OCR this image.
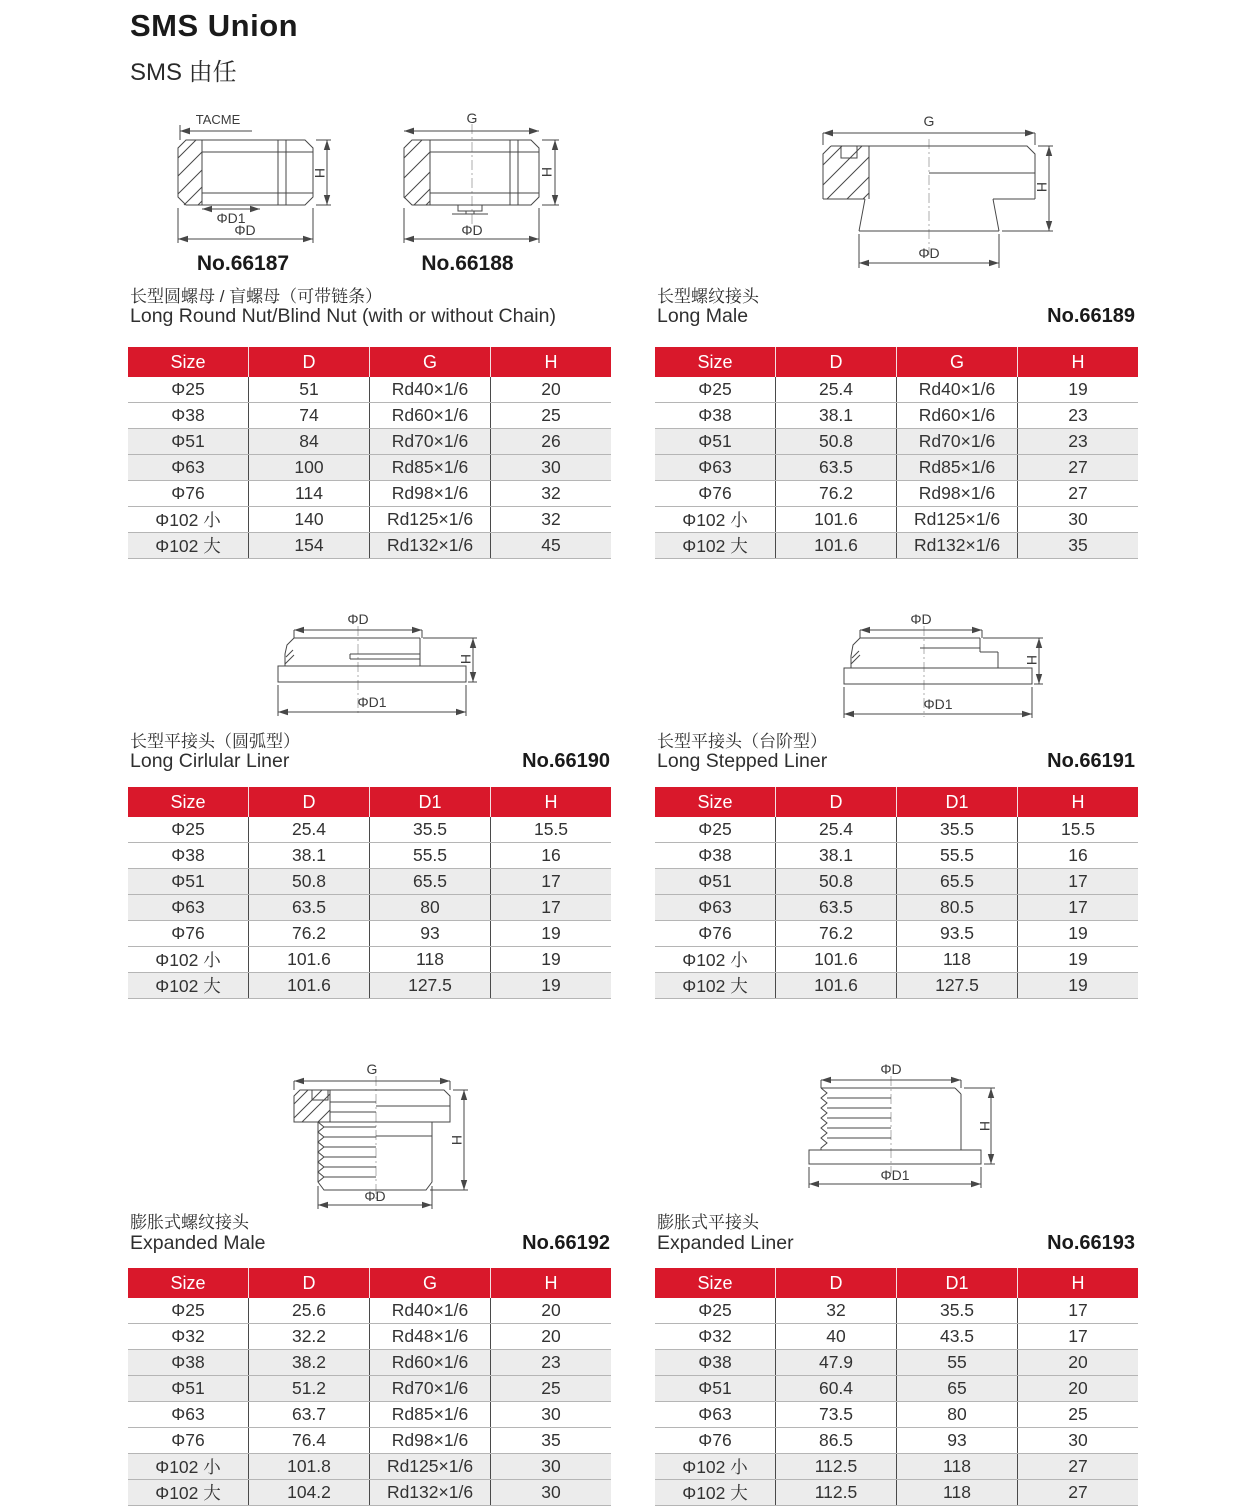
SMS Union
SMS 由任
TACME
ΦD1
ΦD
H
No.66187
G
ΦD
H
No.66188
G
ΦD
H
长型圆螺母 / 盲螺母（可带链条）
Long Round Nut/Blind Nut (with or without Chain)
长型螺纹接头
Long Male	No.66189
Size	D	G	H
Φ25	51	Rd40×1/6	20
Φ38	74	Rd60×1/6	25
Φ51	84	Rd70×1/6	26
Φ63	100	Rd85×1/6	30
Φ76	114	Rd98×1/6	32
Φ102 小	140	Rd125×1/6	32
Φ102 大	154	Rd132×1/6	45
Size	D	G	H
Φ25	25.4	Rd40×1/6	19
Φ38	38.1	Rd60×1/6	23
Φ51	50.8	Rd70×1/6	23
Φ63	63.5	Rd85×1/6	27
Φ76	76.2	Rd98×1/6	27
Φ102 小	101.6	Rd125×1/6	30
Φ102 大	101.6	Rd132×1/6	35
ΦD
ΦD1
H
ΦD
ΦD1
H
长型平接头（圆弧型）
Long Cirlular Liner	No.66190
长型平接头（台阶型）
Long Stepped Liner	No.66191
Size	D	D1	H
Φ25	25.4	35.5	15.5
Φ38	38.1	55.5	16
Φ51	50.8	65.5	17
Φ63	63.5	80	17
Φ76	76.2	93	19
Φ102 小	101.6	118	19
Φ102 大	101.6	127.5	19
Size	D	D1	H
Φ25	25.4	35.5	15.5
Φ38	38.1	55.5	16
Φ51	50.8	65.5	17
Φ63	63.5	80.5	17
Φ76	76.2	93.5	19
Φ102 小	101.6	118	19
Φ102 大	101.6	127.5	19
G
ΦD
H
ΦD
ΦD1
H
膨胀式螺纹接头
Expanded Male	No.66192
膨胀式平接头
Expanded Liner	No.66193
Size	D	G	H
Φ25	25.6	Rd40×1/6	20
Φ32	32.2	Rd48×1/6	20
Φ38	38.2	Rd60×1/6	23
Φ51	51.2	Rd70×1/6	25
Φ63	63.7	Rd85×1/6	30
Φ76	76.4	Rd98×1/6	35
Φ102 小	101.8	Rd125×1/6	30
Φ102 大	104.2	Rd132×1/6	30
Size	D	D1	H
Φ25	32	35.5	17
Φ32	40	43.5	17
Φ38	47.9	55	20
Φ51	60.4	65	20
Φ63	73.5	80	25
Φ76	86.5	93	30
Φ102 小	112.5	118	27
Φ102 大	112.5	118	27
